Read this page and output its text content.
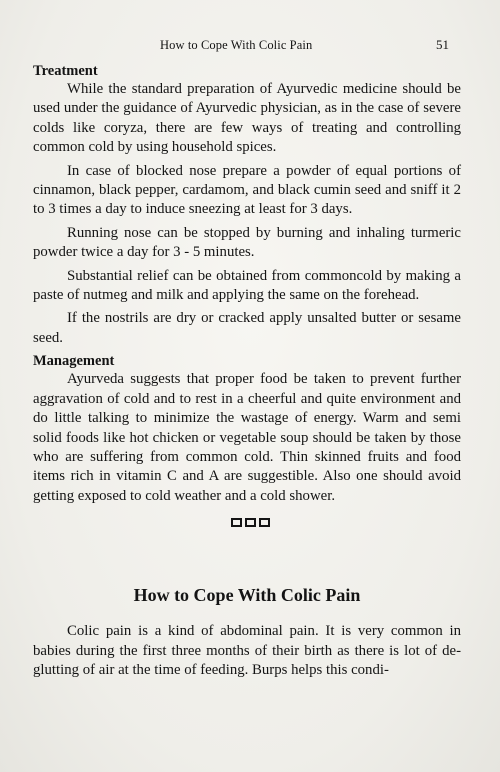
How to Cope With Colic Pain	51

Treatment

While the standard preparation of Ayurvedic medicine should be used under the guidance of Ayurvedic physician, as in the case of severe colds like coryza, there are few ways of treating and controlling common cold by using household spices.

In case of blocked nose prepare a powder of equal portions of cinnamon, black pepper, cardamom, and black cumin seed and sniff it 2 to 3 times a day to induce sneezing at least for 3 days.

Running nose can be stopped by burning and inhaling turmeric powder twice a day for 3 - 5 minutes.

Substantial relief can be obtained from commoncold by making a paste of nutmeg and milk and applying the same on the forehead.

If the nostrils are dry or cracked apply unsalted butter or sesame seed.

Management

Ayurveda suggests that proper food be taken to prevent further aggravation of cold and to rest in a cheerful and quite environment and do little talking to minimize the wastage of energy. Warm and semi solid foods like hot chicken or vegetable soup should be taken by those who are suffering from common cold. Thin skinned fruits and food items rich in vitamin C and A are suggestible. Also one should avoid getting exposed to cold weather and a cold shower.

How to Cope With Colic Pain

Colic pain is a kind of abdominal pain. It is very common in babies during the first three months of their birth as there is lot of de-glutting of air at the time of feeding. Burps helps this condi-
